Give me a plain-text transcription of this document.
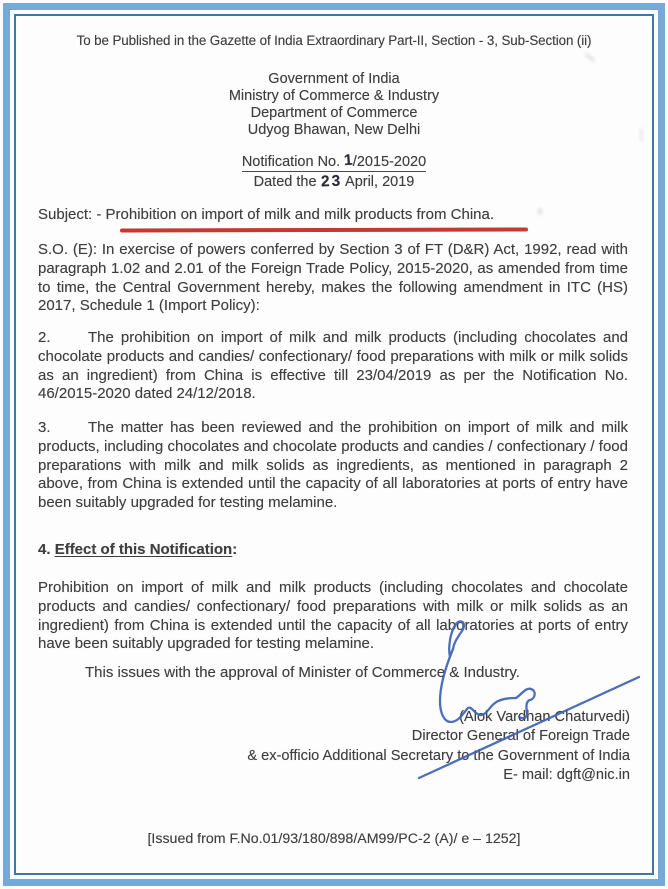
To be Published in the Gazette of India Extraordinary Part-II, Section - 3, Sub-Section (ii)
Government of India
Ministry of Commerce & Industry
Department of Commerce
Udyog Bhawan, New Delhi
Notification No. 1/2015-2020
Dated the 23 April, 2019
Subject: - Prohibition on import of milk and milk products from China.
S.O. (E): In exercise of powers conferred by Section 3 of FT (D&R) Act, 1992, read with paragraph 1.02 and 2.01 of the Foreign Trade Policy, 2015-2020, as amended from time to time, the Central Government hereby, makes the following amendment in ITC (HS) 2017, Schedule 1 (Import Policy):
2. The prohibition on import of milk and milk products (including chocolates and chocolate products and candies/ confectionary/ food preparations with milk or milk solids as an ingredient) from China is effective till 23/04/2019 as per the Notification No. 46/2015-2020 dated 24/12/2018.
3. The matter has been reviewed and the prohibition on import of milk and milk products, including chocolates and chocolate products and candies / confectionary / food preparations with milk and milk solids as ingredients, as mentioned in paragraph 2 above, from China is extended until the capacity of all laboratories at ports of entry have been suitably upgraded for testing melamine.
4. Effect of this Notification:
Prohibition on import of milk and milk products (including chocolates and chocolate products and candies/ confectionary/ food preparations with milk or milk solids as an ingredient) from China is extended until the capacity of all laboratories at ports of entry have been suitably upgraded for testing melamine.
This issues with the approval of Minister of Commerce & Industry.
(Alok Vardhan Chaturvedi)
Director General of Foreign Trade
& ex-officio Additional Secretary to the Government of India
E- mail: dgft@nic.in
[Issued from F.No.01/93/180/898/AM99/PC-2 (A)/ e – 1252]
